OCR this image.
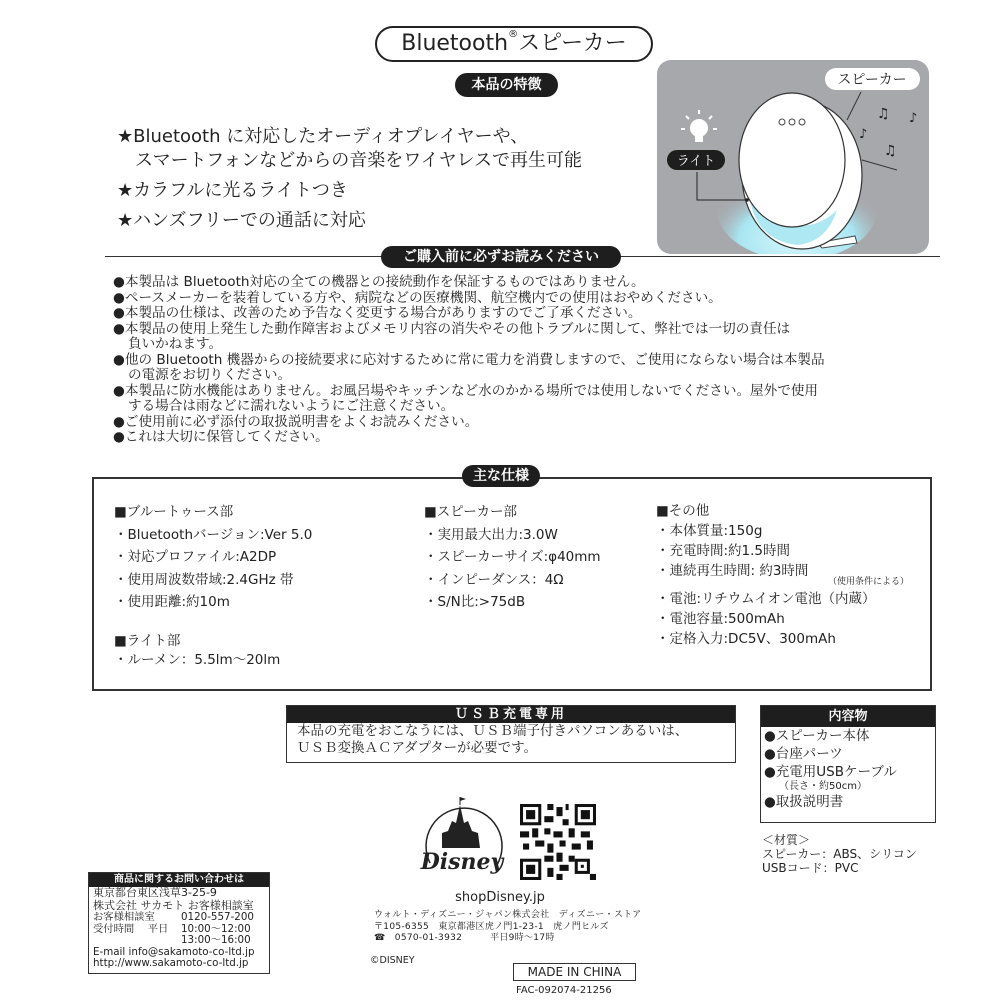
Bluetooth®スピーカー
本品の特徴
★Bluetooth に対応したオーディオプレイヤーや、
スマートフォンなどからの音楽をワイヤレスで再生可能
★カラフルに光るライトつき
★ハンズフリーでの通話に対応
スピーカー
♫ ♪
♪
♫
ライト
ご購入前に必ずお読みください
●本製品は Bluetooth対応の全ての機器との接続動作を保証するものではありません。
●ペースメーカーを装着している方や、病院などの医療機関、航空機内での使用はおやめください。
●本製品の仕様は、改善のため予告なく変更する場合がありますのでご了承ください。
●本製品の使用上発生した動作障害およびメモリ内容の消失やその他トラブルに関して、弊社では一切の責任は
負いかねます。
●他の Bluetooth 機器からの接続要求に応対するために常に電力を消費しますので、ご使用にならない場合は本製品
の電源をお切りください。
●本製品に防水機能はありません。お風呂場やキッチンなど水のかかる場所では使用しないでください。屋外で使用
する場合は雨などに濡れないようにご注意ください。
●ご使用前に必ず添付の取扱説明書をよくお読みください。
●これは大切に保管してください。
■ブルートゥース部
・Bluetoothバージョン:Ver 5.0
・対応プロファイル:A2DP
・使用周波数帯域:2.4GHz 帯
・使用距離:約10m
■ライト部
・ルーメン：5.5lm〜20lm
■スピーカー部
・実用最大出力:3.0W
・スピーカーサイズ:φ40mm
・インピーダンス：4Ω
・S/N比:>75dB
■その他
・本体質量:150g
・充電時間:約1.5時間
・連続再生時間: 約3時間
（使用条件による）
・電池:リチウムイオン電池（内蔵）
・電池容量:500mAh
・定格入力:DC5V、300mAh
主な仕様
ＵＳＢ充電専用
本品の充電をおこなうには、ＵＳＢ端子付きパソコンあるいは、
ＵＳＢ変換ＡＣアダプターが必要です。
内容物
●スピーカー本体
●台座パーツ
●充電用USBケーブル
（長さ・約50cm）
●取扱説明書
＜材質＞
スピーカー：ABS、シリコン
USBコード：PVC
Disney
shopDisney.jp
ウォルト・ディズニー・ジャパン株式会社　ディズニー・ストア
〒105-6355　東京都港区虎ノ門1-23-1　虎ノ門ヒルズ
☎　0570-01-3932　　　平日9時〜17時
©DISNEY
商品に関するお問い合わせは
東京都台東区浅草3-25-9
株式会社 サカモト お客様相談室
お客様相談室	0120-557-200
受付時間　 平日	10:00〜12:00
13:00〜16:00
E-mail info@sakamoto-co-ltd.jp
http://www.sakamoto-co-ltd.jp
MADE IN CHINA
FAC-092074-21256
